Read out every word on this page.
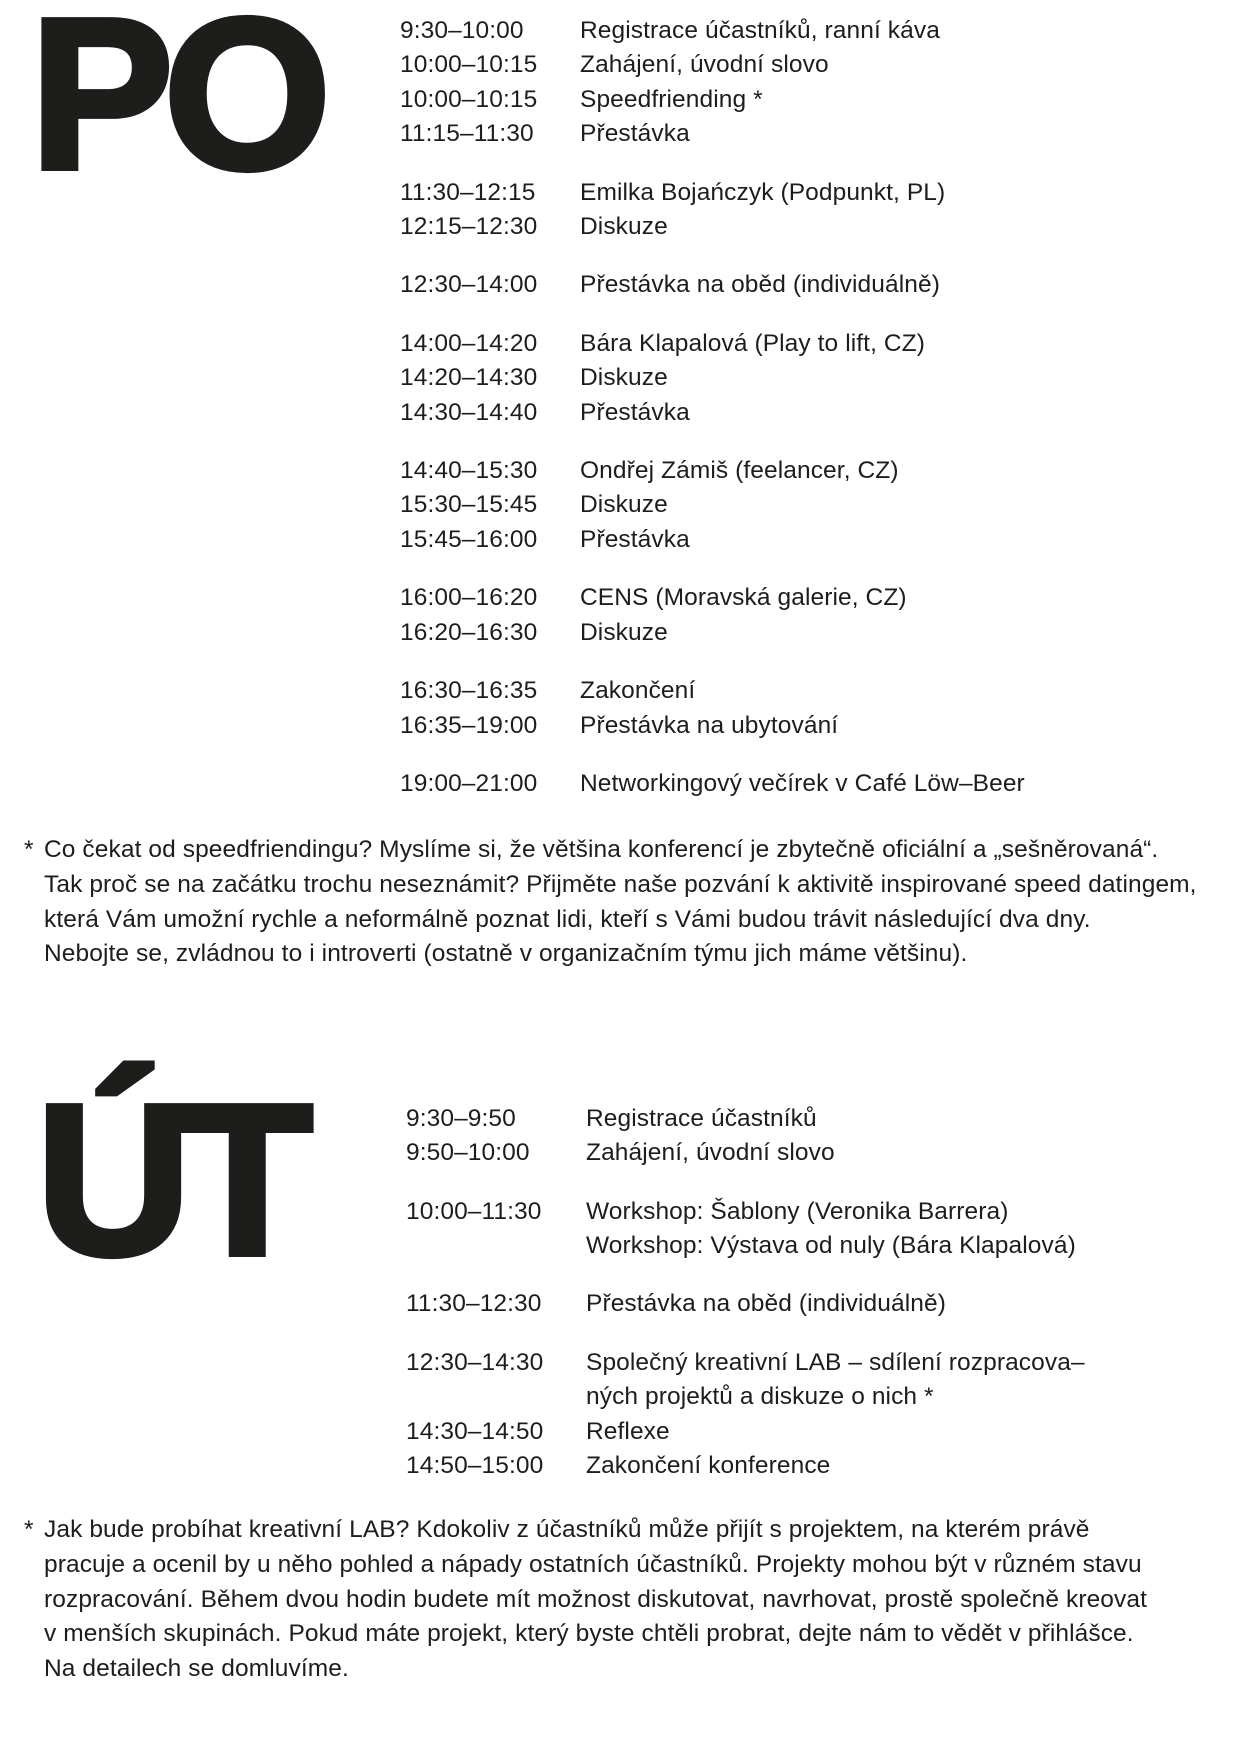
PO	9:30–10:00	Registrace účastníků, ranní káva
10:00–10:15	Zahájení, úvodní slovo
10:00–10:15	Speedfriending *
11:15–11:30	Přestávka
11:30–12:15	Emilka Bojańczyk (Podpunkt, PL)
12:15–12:30	Diskuze
12:30–14:00	Přestávka na oběd (individuálně)
14:00–14:20	Bára Klapalová (Play to lift, CZ)
14:20–14:30	Diskuze
14:30–14:40	Přestávka
14:40–15:30	Ondřej Zámiš (feelancer, CZ)
15:30–15:45	Diskuze
15:45–16:00	Přestávka
16:00–16:20	CENS (Moravská galerie, CZ)
16:20–16:30	Diskuze
16:30–16:35	Zakončení
16:35–19:00	Přestávka na ubytování
19:00–21:00	Networkingový večírek v Café Löw–Beer
* Co čekat od speedfriendingu? Myslíme si, že většina konferencí je zbytečně oficiální a „sešněrovaná“.
Tak proč se na začátku trochu neseznámit? Přijměte naše pozvání k aktivitě inspirované speed datingem,
která Vám umožní rychle a neformálně poznat lidi, kteří s Vámi budou trávit následující dva dny.
Nebojte se, zvládnou to i introverti (ostatně v organizačním týmu jich máme většinu).
ÚT	9:30–9:50	Registrace účastníků
9:50–10:00	Zahájení, úvodní slovo
10:00–11:30	Workshop: Šablony (Veronika Barrera)
Workshop: Výstava od nuly (Bára Klapalová)
11:30–12:30	Přestávka na oběd (individuálně)
12:30–14:30	Společný kreativní LAB – sdílení rozpracova–
ných projektů a diskuze o nich *
14:30–14:50	Reflexe
14:50–15:00	Zakončení konference
* Jak bude probíhat kreativní LAB? Kdokoliv z účastníků může přijít s projektem, na kterém právě
pracuje a ocenil by u něho pohled a nápady ostatních účastníků. Projekty mohou být v různém stavu
rozpracování. Během dvou hodin budete mít možnost diskutovat, navrhovat, prostě společně kreovat
v menších skupinách. Pokud máte projekt, který byste chtěli probrat, dejte nám to vědět v přihlášce.
Na detailech se domluvíme.
